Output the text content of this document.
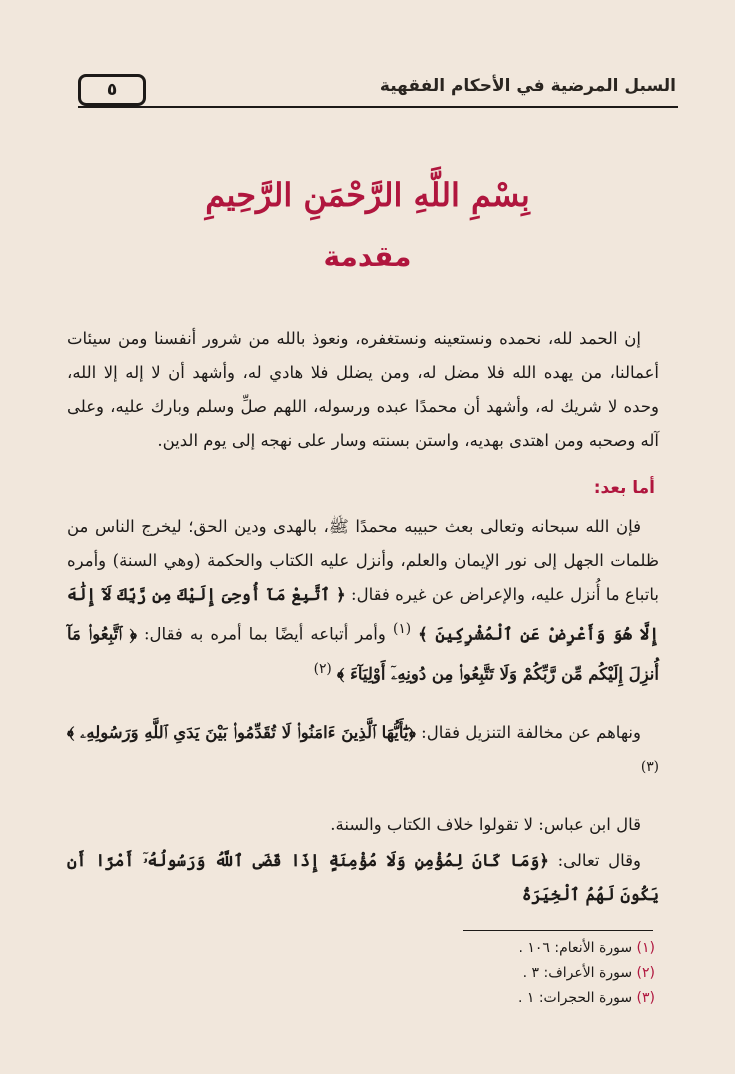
٥	السبل المرضية في الأحكام الفقهية
بِسْمِ اللَّهِ الرَّحْمَنِ الرَّحِيمِ
مقدمة

إن الحمد لله، نحمده ونستعينه ونستغفره، ونعوذ بالله من شرور أنفسنا ومن سيئات أعمالنا، من يهده الله فلا مضل له، ومن يضلل فلا هادي له، وأشهد أن لا إله إلا الله، وحده لا شريك له، وأشهد أن محمدًا عبده ورسوله، اللهم صلِّ وسلم وبارك عليه، وعلى آله وصحبه ومن اهتدى بهديه، واستن بسنته وسار على نهجه إلى يوم الدين.

أما بعد:

فإن الله سبحانه وتعالى بعث حبيبه محمدًا ﷺ، بالهدى ودين الحق؛ ليخرج الناس من ظلمات الجهل إلى نور الإيمان والعلم، وأنزل عليه الكتاب والحكمة (وهي السنة) وأمره باتباع ما أُنزل عليه، والإعراض عن غيره فقال: ﴿ ٱتَّبِعْ مَآ أُوحِىَ إِلَيْكَ مِن رَّبِّكَ لَآ إِلَٰهَ إِلَّا هُوَ وَأَعْرِضْ عَنِ ٱلْمُشْرِكِينَ ﴾ $^{(١)}$ وأمر أتباعه أيضًا بما أمره به فقال: ﴿ ٱتَّبِعُوا۟ مَآ أُنزِلَ إِلَيْكُم مِّن رَّبِّكُمْ وَلَا تَتَّبِعُوا۟ مِن دُونِهِۦٓ أَوْلِيَآءَ ﴾ $^{(٢)}$

ونهاهم عن مخالفة التنزيل فقال: ﴿يَٰٓأَيُّهَا ٱلَّذِينَ ءَامَنُوا۟ لَا تُقَدِّمُوا۟ بَيْنَ يَدَىِ ٱللَّهِ وَرَسُولِهِۦ ﴾ $^{(٣)}$

قال ابن عباس: لا تقولوا خلاف الكتاب والسنة.

وقال تعالى: ﴿وَمَا كَانَ لِمُؤْمِنٍ وَلَا مُؤْمِنَةٍ إِذَا قَضَى ٱللَّهُ وَرَسُولُهُۥٓ أَمْرًا أَن يَكُونَ لَهُمُ ٱلْخِيَرَةُ

(١) سورة الأنعام: ١٠٦ .
(٢) سورة الأعراف: ٣ .
(٣) سورة الحجرات: ١ .
